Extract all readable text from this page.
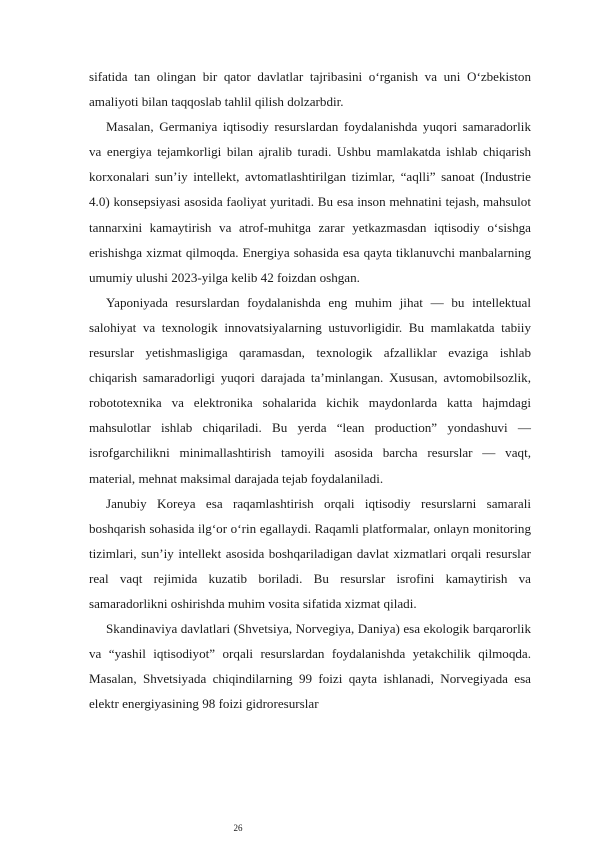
sifatida tan olingan bir qator davlatlar tajribasini o‘rganish va uni O‘zbekiston amaliyoti bilan taqqoslab tahlil qilish dolzarbdir.

Masalan, Germaniya iqtisodiy resurslardan foydalanishda yuqori samaradorlik va energiya tejamkorligi bilan ajralib turadi. Ushbu mamlakatda ishlab chiqarish korxonalari sun’iy intellekt, avtomatlashtirilgan tizimlar, “aqlli” sanoat (Industrie 4.0) konsepsiyasi asosida faoliyat yuritadi. Bu esa inson mehnatini tejash, mahsulot tannarxini kamaytirish va atrof-muhitga zarar yetkazmasdan iqtisodiy o‘sishga erishishga xizmat qilmoqda. Energiya sohasida esa qayta tiklanuvchi manbalarning umumiy ulushi 2023-yilga kelib 42 foizdan oshgan.

Yaponiyada resurslardan foydalanishda eng muhim jihat — bu intellektual salohiyat va texnologik innovatsiyalarning ustuvorligidir. Bu mamlakatda tabiiy resurslar yetishmasligiga qaramasdan, texnologik afzalliklar evaziga ishlab chiqarish samaradorligi yuqori darajada ta’minlangan. Xususan, avtomobilsozlik, robototexnika va elektronika sohalarida kichik maydonlarda katta hajmdagi mahsulotlar ishlab chiqariladi. Bu yerda “lean production” yondashuvi — isrofgarchilikni minimallashtirish tamoyili asosida barcha resurslar — vaqt, material, mehnat maksimal darajada tejab foydalaniladi.

Janubiy Koreya esa raqamlashtirish orqali iqtisodiy resurslarni samarali boshqarish sohasida ilg‘or o‘rin egallaydi. Raqamli platformalar, onlayn monitoring tizimlari, sun’iy intellekt asosida boshqariladigan davlat xizmatlari orqali resurslar real vaqt rejimida kuzatib boriladi. Bu resurslar isrofini kamaytirish va samaradorlikni oshirishda muhim vosita sifatida xizmat qiladi.

Skandinaviya davlatlari (Shvetsiya, Norvegiya, Daniya) esa ekologik barqarorlik va “yashil iqtisodiyot” orqali resurslardan foydalanishda yetakchilik qilmoqda. Masalan, Shvetsiyada chiqindilarning 99 foizi qayta ishlanadi, Norvegiyada esa elektr energiyasining 98 foizi gidroresurslar

26
